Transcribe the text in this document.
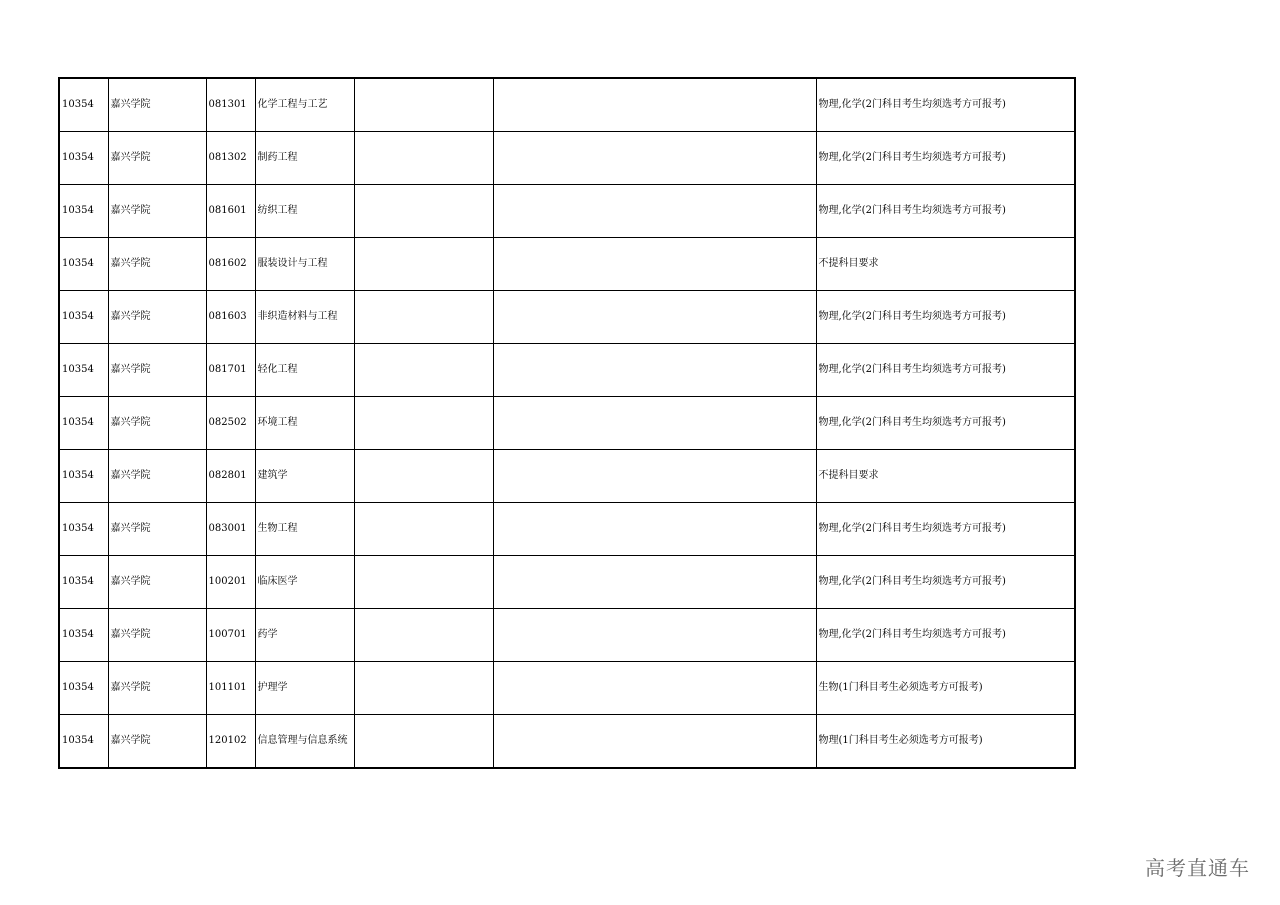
10354	嘉兴学院	081301	化学工程与工艺			物理,化学(2门科目考生均须选考方可报考)
10354	嘉兴学院	081302	制药工程			物理,化学(2门科目考生均须选考方可报考)
10354	嘉兴学院	081601	纺织工程			物理,化学(2门科目考生均须选考方可报考)
10354	嘉兴学院	081602	服装设计与工程			不提科目要求
10354	嘉兴学院	081603	非织造材料与工程			物理,化学(2门科目考生均须选考方可报考)
10354	嘉兴学院	081701	轻化工程			物理,化学(2门科目考生均须选考方可报考)
10354	嘉兴学院	082502	环境工程			物理,化学(2门科目考生均须选考方可报考)
10354	嘉兴学院	082801	建筑学			不提科目要求
10354	嘉兴学院	083001	生物工程			物理,化学(2门科目考生均须选考方可报考)
10354	嘉兴学院	100201	临床医学			物理,化学(2门科目考生均须选考方可报考)
10354	嘉兴学院	100701	药学			物理,化学(2门科目考生均须选考方可报考)
10354	嘉兴学院	101101	护理学			生物(1门科目考生必须选考方可报考)
10354	嘉兴学院	120102	信息管理与信息系统			物理(1门科目考生必须选考方可报考)
高考直通车
